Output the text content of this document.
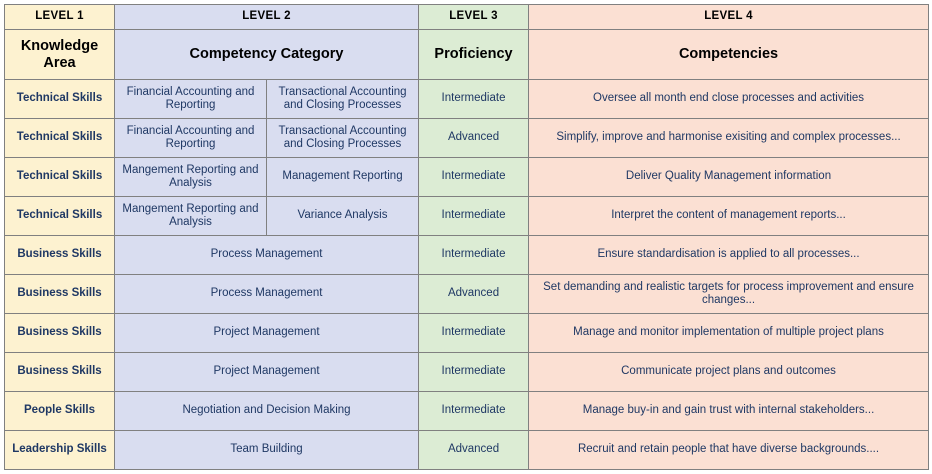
LEVEL 1	LEVEL 2		LEVEL 3	LEVEL 4
Knowledge Area	Competency Category		Proficiency	Competencies
Technical Skills	Financial Accounting and Reporting	Transactional Accounting and Closing Processes	Intermediate	Oversee all month end close processes and activities
Technical Skills	Financial Accounting and Reporting	Transactional Accounting and Closing Processes	Advanced	Simplify, improve and harmonise exisiting and complex processes...
Technical Skills	Mangement Reporting and Analysis	Management Reporting	Intermediate	Deliver Quality Management information
Technical Skills	Mangement Reporting and Analysis	Variance Analysis	Intermediate	Interpret the content of management reports...
Business Skills	Process Management		Intermediate	Ensure standardisation is applied to all processes...
Business Skills	Process Management		Advanced	Set demanding and realistic targets for process improvement and ensure changes...
Business Skills	Project Management		Intermediate	Manage and monitor implementation of multiple project plans
Business Skills	Project Management		Intermediate	Communicate project plans and outcomes
People Skills	Negotiation and Decision Making		Intermediate	Manage buy-in and gain trust with internal stakeholders...
Leadership Skills	Team Building		Advanced	Recruit and retain people that have diverse backgrounds....
